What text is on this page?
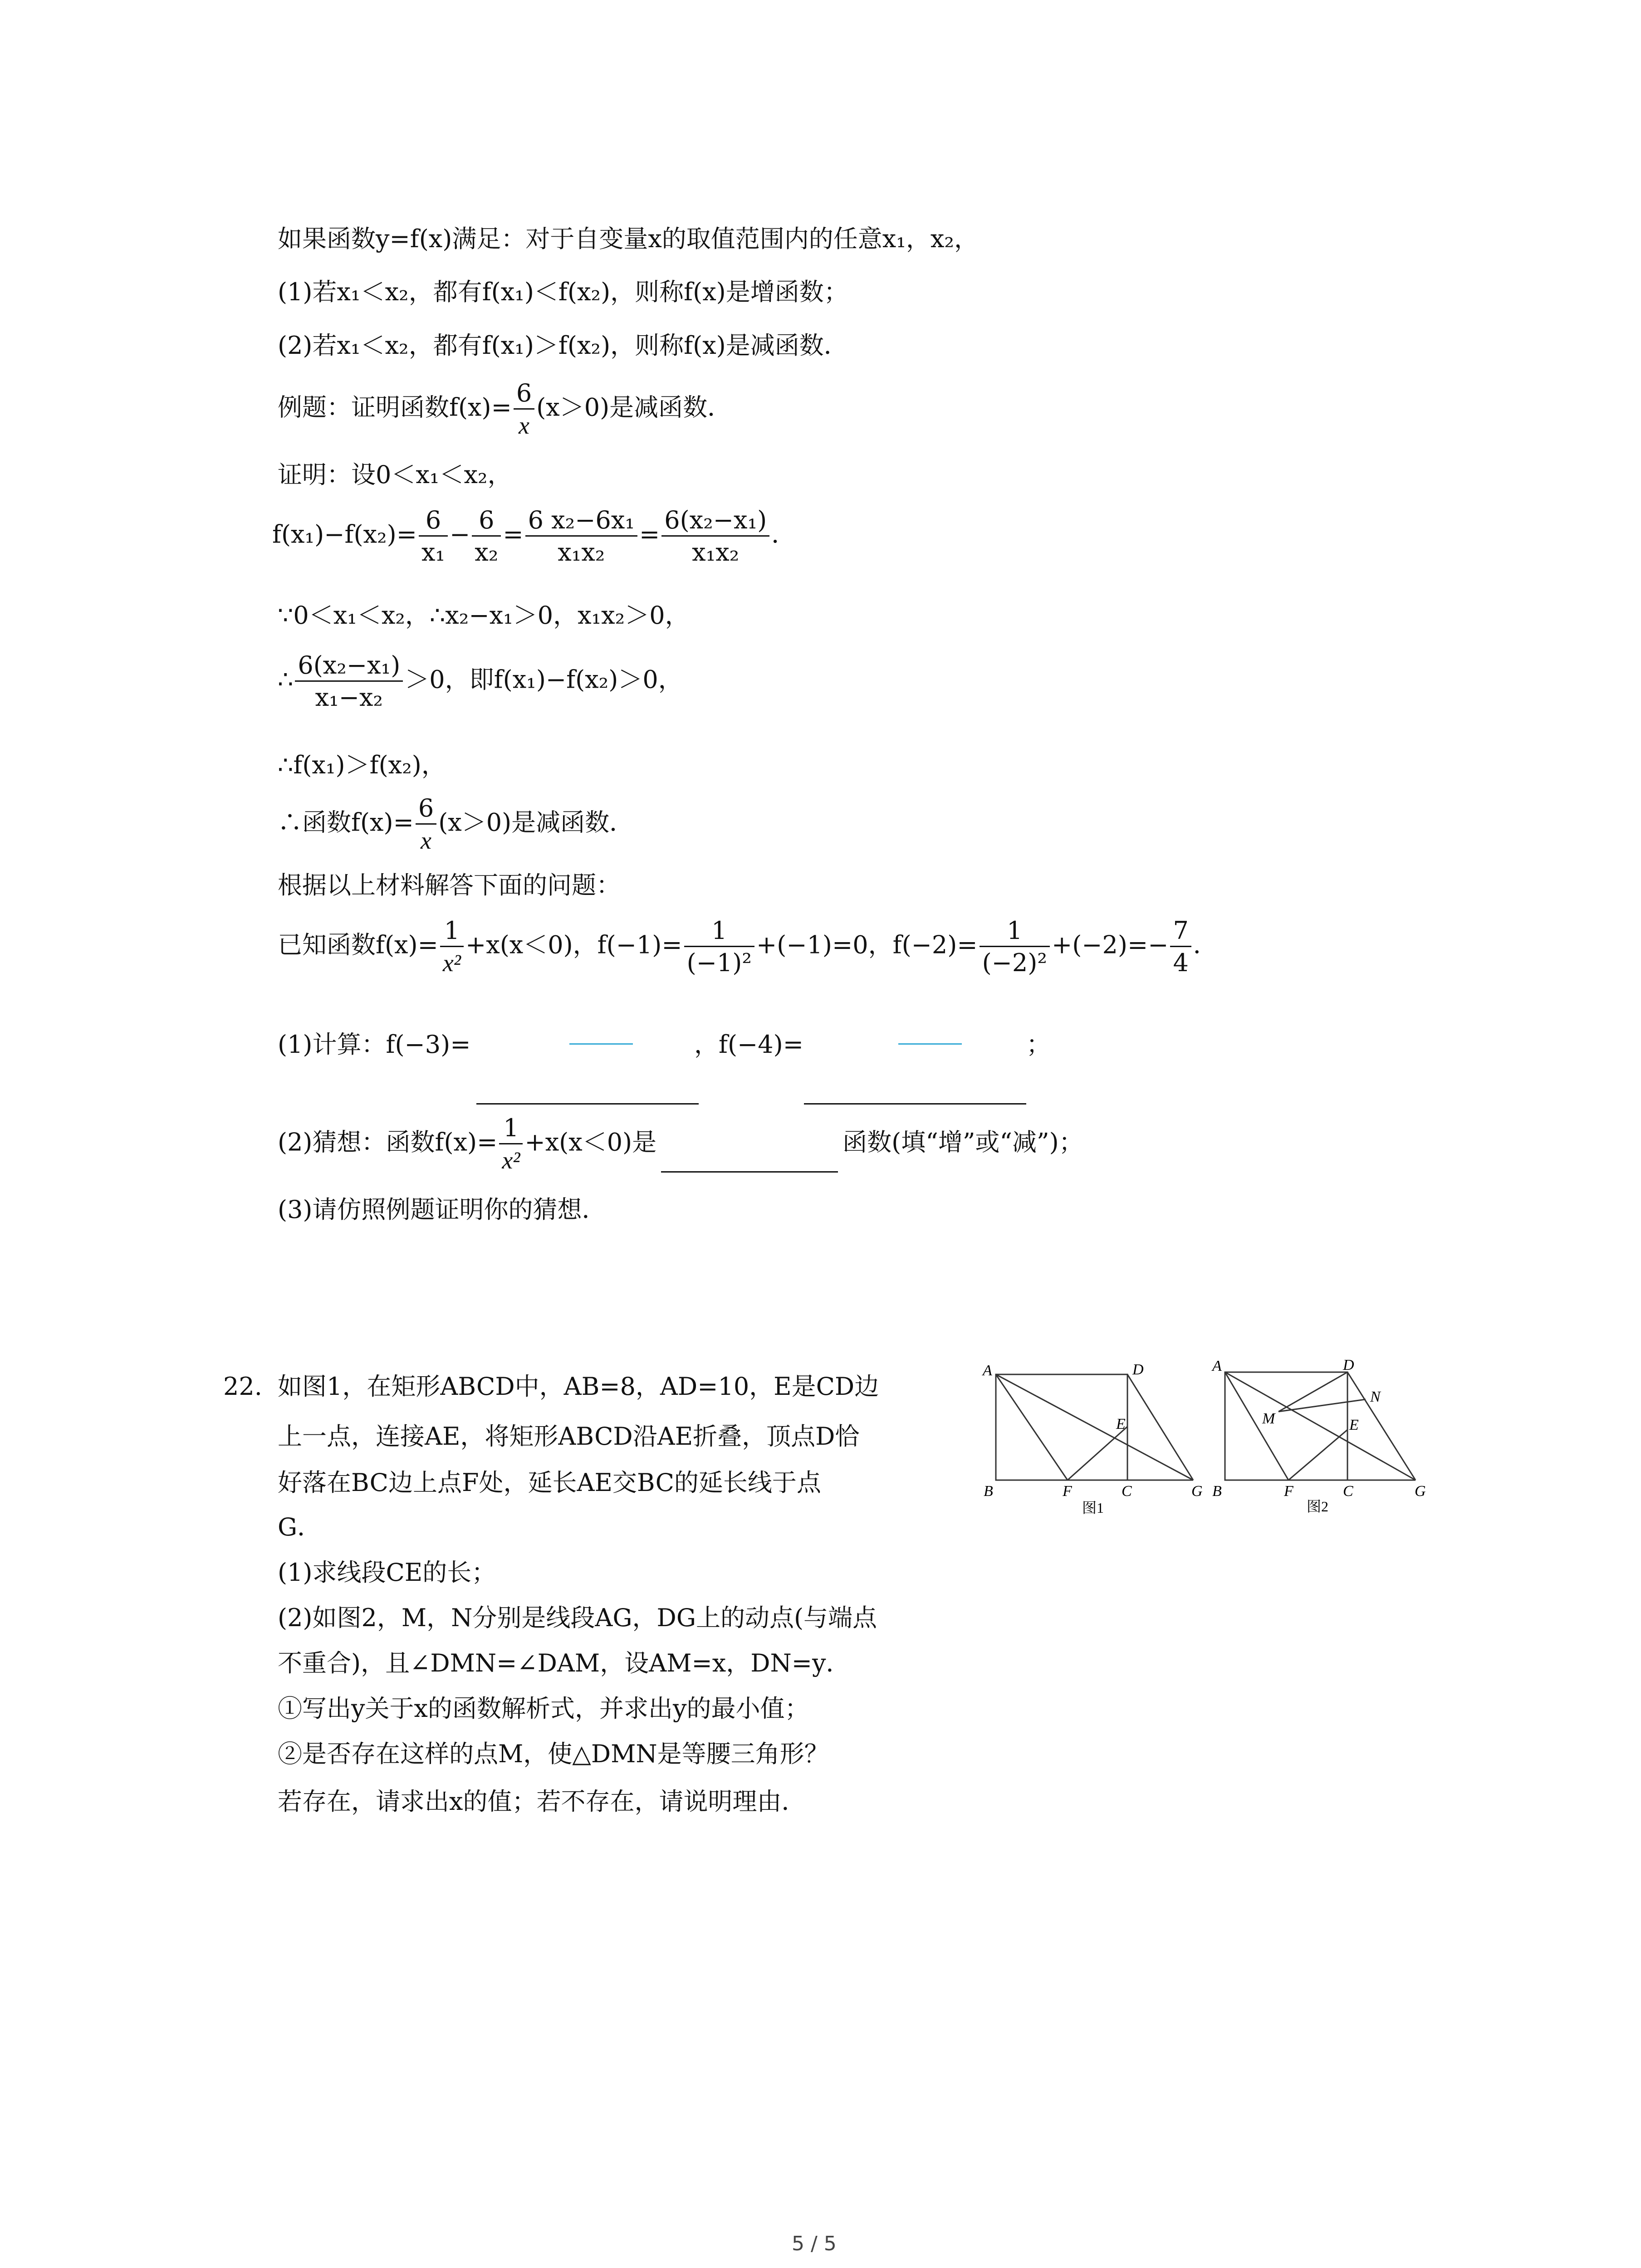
如果函数y=f(x)满足：对于自变量x的取值范围内的任意x₁，x₂，
(1)若x₁＜x₂，都有f(x₁)＜f(x₂)，则称f(x)是增函数；
(2)若x₁＜x₂，都有f(x₁)＞f(x₂)，则称f(x)是减函数．
例题：证明函数$f(x)= \frac{6}{x} (x>0)$是减函数．
证明：设0＜x₁＜x₂，
$f(x_1)-f(x_2)= \frac{6}{\text{x₁}} - \frac{6}{\text{x₂}} = \frac{\text{6 x₂−6x₁}}{\text{x₁x₂}} = \frac{\text{6(x₂−x₁)}}{\text{x₁x₂}}$ ．
∵0＜x₁＜x₂，∴x₂−x₁＞0，x₁x₂＞0，
∴ $\frac{\text{6(x₂−x₁)}}{\text{x₁−x₂}} >0$，即f(x₁)−f(x₂)＞0，
∴f(x₁)＞f(x₂)，
∴函数$f(x)= \frac{6}{x} (x>0)$是减函数．
根据以上材料解答下面的问题：
已知函数$f(x)= \frac{1}{\text{x²}} +x(x<0)$，$f(-1)= \frac{1}{\text{(−1)²}} +(-1)=0$，$f(-2)= \frac{1}{\text{(−2)²}} +(-2)=- \frac{7}{4}$ ．
(1)计算：f(−3)=	，f(−4)=	；
(2)猜想：函数$f(x)= \frac{1}{\text{x²}} +x(x<0)$是	函数(填“增”或“减”)；
(3)请仿照例题证明你的猜想．
22. 如图1，在矩形ABCD中，AB=8，AD=10，E是CD边
上一点，连接AE，将矩形ABCD沿AE折叠，顶点D恰
好落在BC边上点F处，延长AE交BC的延长线于点
G．
(1)求线段CE的长；
(2)如图2，M，N分别是线段AG，DG上的动点(与端点
不重合)，且∠DMN=∠DAM，设AM=x，DN=y．
①写出y关于x的函数解析式，并求出y的最小值；
②是否存在这样的点M，使△DMN是等腰三角形？
若存在，请求出x的值；若不存在，请说明理由．
A	D
E
B	F	C	G
图1
A	D
N
M	E
B	F	C	G
图2
5 / 5
